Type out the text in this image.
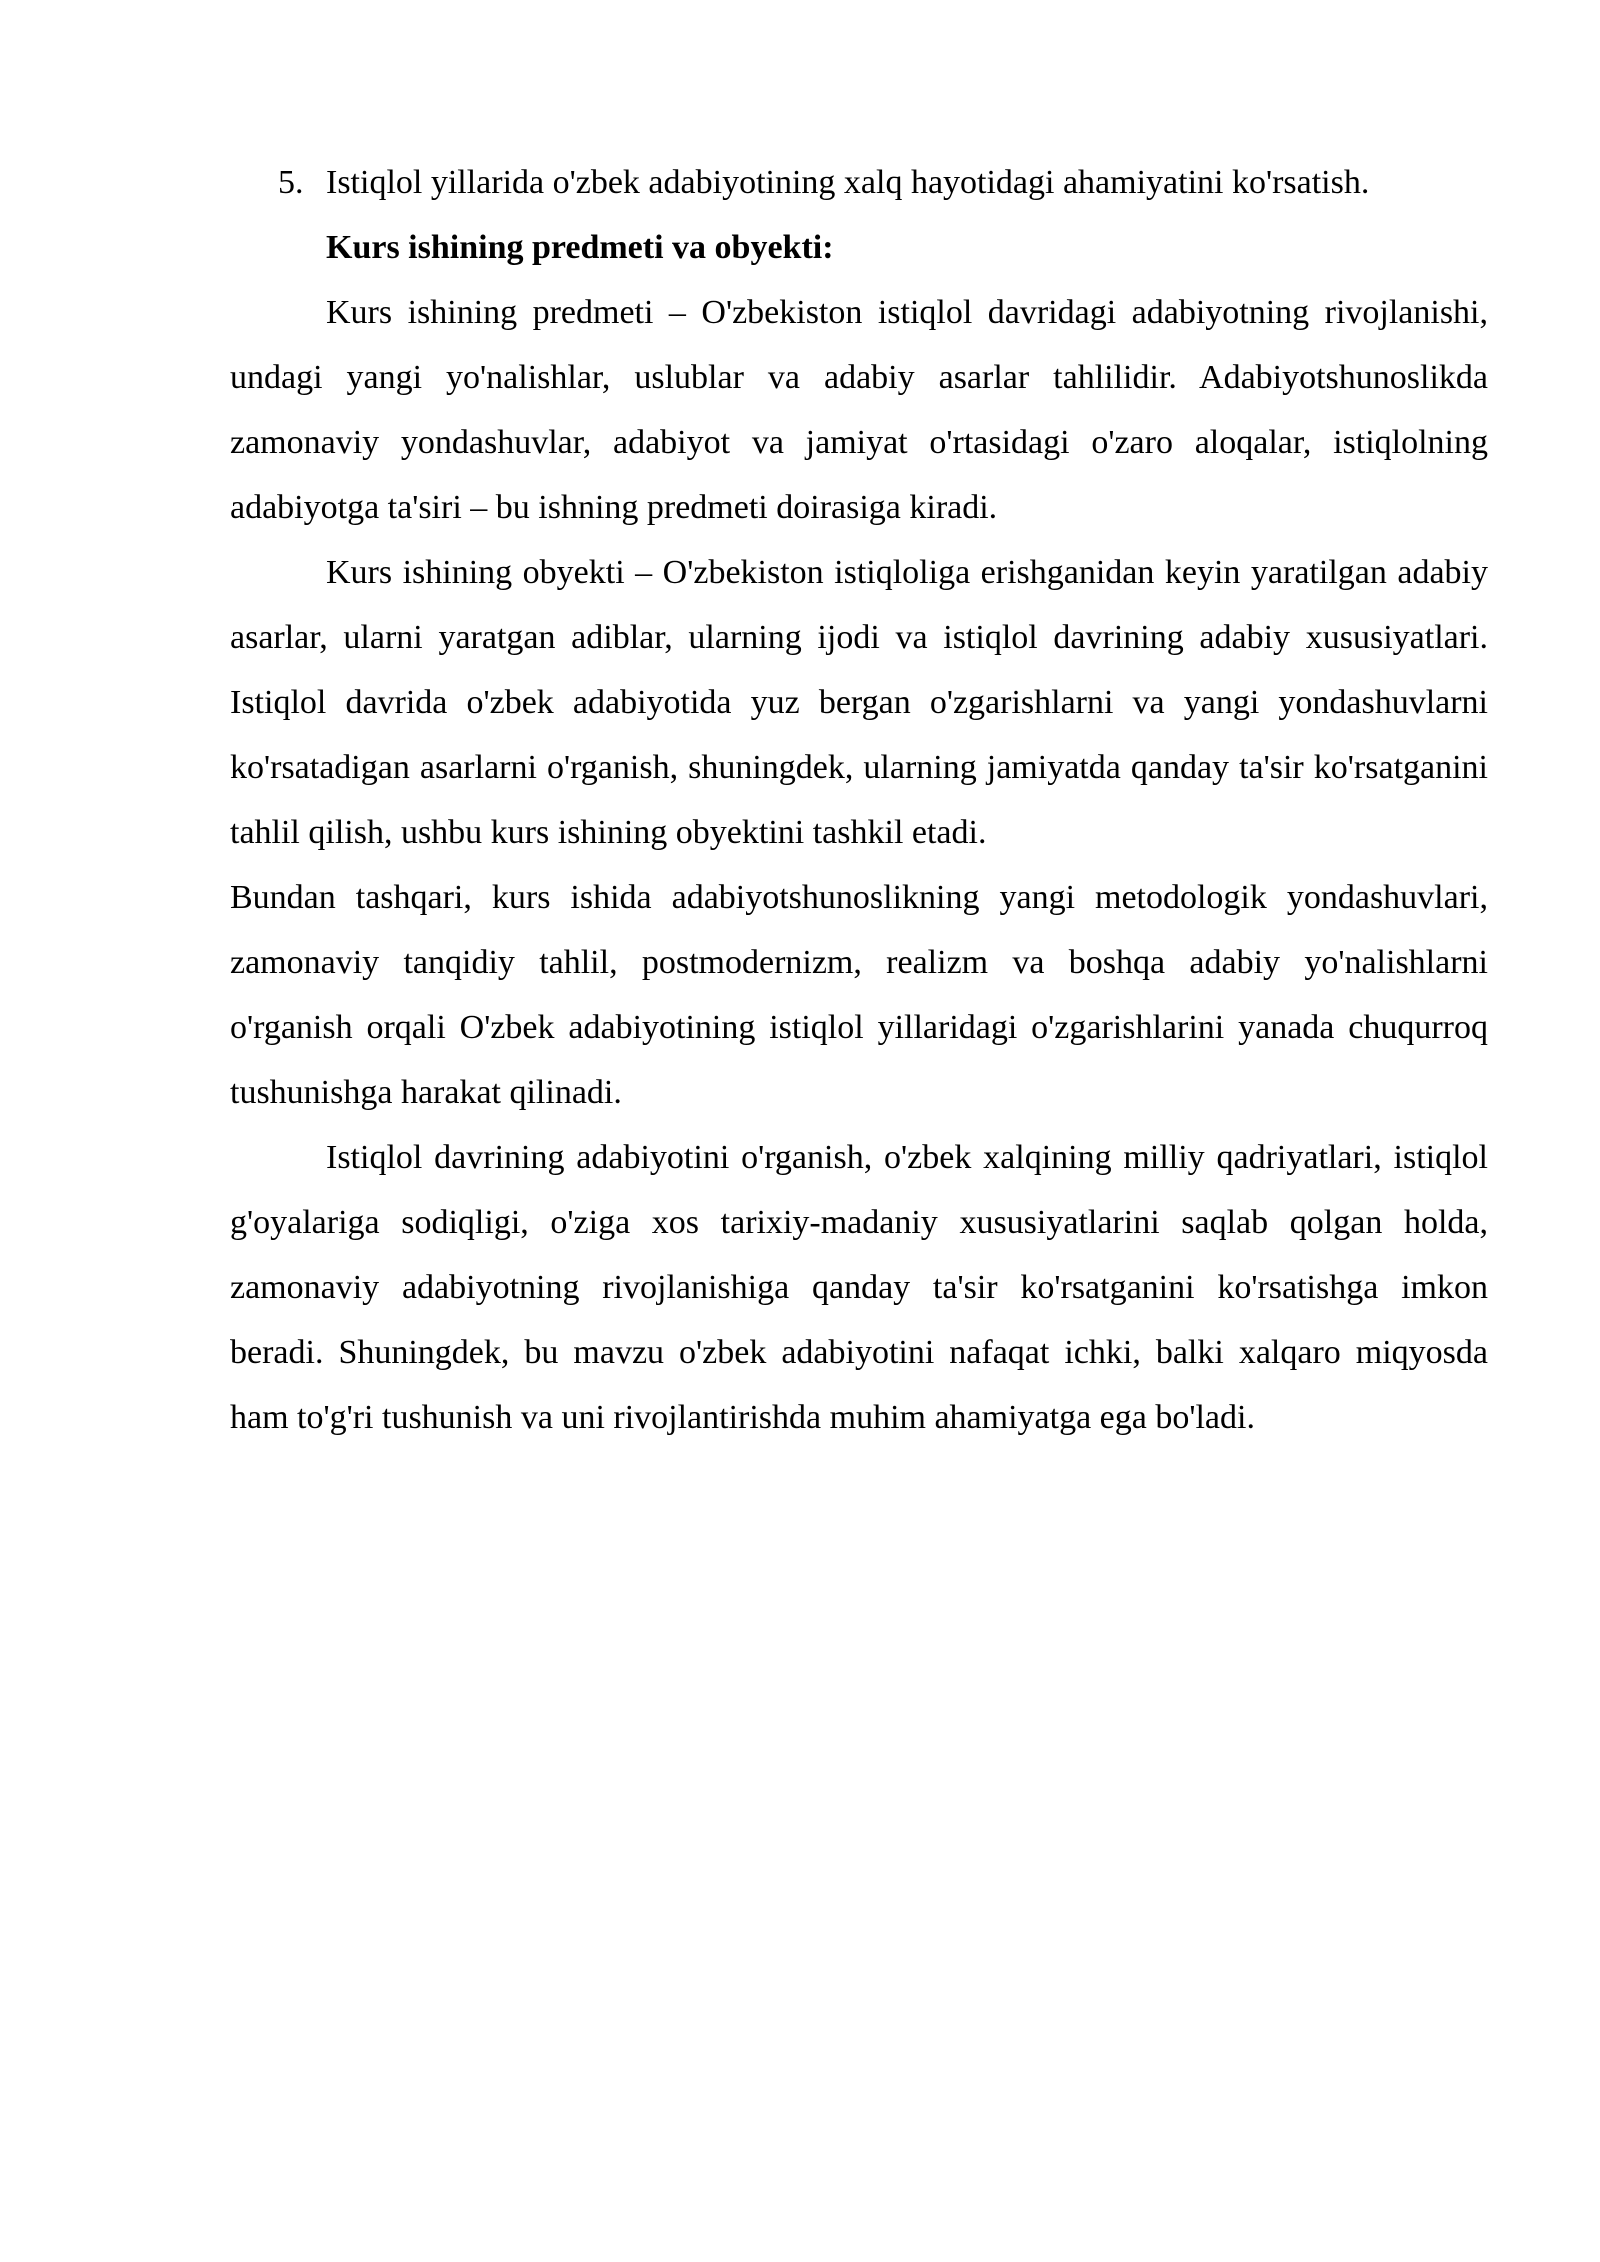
5. Istiqlol yillarida o'zbek adabiyotining xalq hayotidagi ahamiyatini ko'rsatish.

Kurs ishining predmeti va obyekti:

Kurs ishining predmeti – O'zbekiston istiqlol davridagi adabiyotning rivojlanishi, undagi yangi yo'nalishlar, uslublar va adabiy asarlar tahlilidir. Adabiyotshunoslikda zamonaviy yondashuvlar, adabiyot va jamiyat o'rtasidagi o'zaro aloqalar, istiqlolning adabiyotga ta'siri – bu ishning predmeti doirasiga kiradi.

Kurs ishining obyekti – O'zbekiston istiqloliga erishganidan keyin yaratilgan adabiy asarlar, ularni yaratgan adiblar, ularning ijodi va istiqlol davrining adabiy xususiyatlari. Istiqlol davrida o'zbek adabiyotida yuz bergan o'zgarishlarni va yangi yondashuvlarni ko'rsatadigan asarlarni o'rganish, shuningdek, ularning jamiyatda qanday ta'sir ko'rsatganini tahlil qilish, ushbu kurs ishining obyektini tashkil etadi.

Bundan tashqari, kurs ishida adabiyotshunoslikning yangi metodologik yondashuvlari, zamonaviy tanqidiy tahlil, postmodernizm, realizm va boshqa adabiy yo'nalishlarni o'rganish orqali O'zbek adabiyotining istiqlol yillaridagi o'zgarishlarini yanada chuqurroq tushunishga harakat qilinadi.

Istiqlol davrining adabiyotini o'rganish, o'zbek xalqining milliy qadriyatlari, istiqlol g'oyalariga sodiqligi, o'ziga xos tarixiy-madaniy xususiyatlarini saqlab qolgan holda, zamonaviy adabiyotning rivojlanishiga qanday ta'sir ko'rsatganini ko'rsatishga imkon beradi. Shuningdek, bu mavzu o'zbek adabiyotini nafaqat ichki, balki xalqaro miqyosda ham to'g'ri tushunish va uni rivojlantirishda muhim ahamiyatga ega bo'ladi.
